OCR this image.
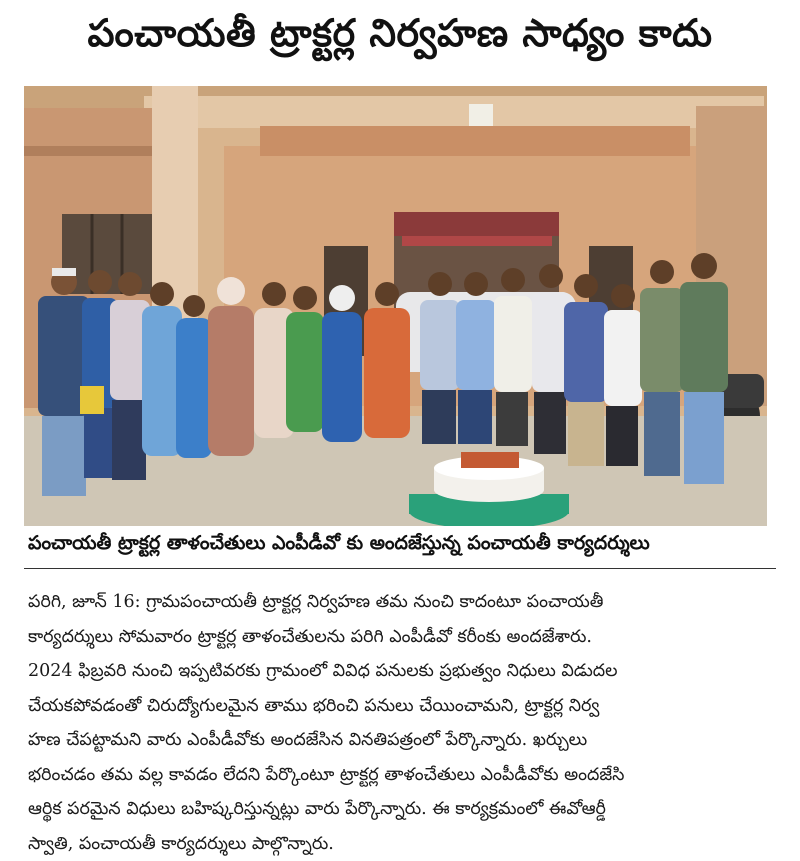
పంచాయతీ ట్రాక్టర్ల నిర్వహణ సాధ్యం కాదు
పంచాయతీ ట్రాక్టర్ల తాళంచేతులు ఎంపీడీవో కు అందజేస్తున్న పంచాయతీ కార్యదర్శులు
పరిగి, జూన్ 16: గ్రామపంచాయతీ ట్రాక్టర్ల నిర్వహణ తమ నుంచి కాదంటూ పంచాయతీ
కార్యదర్శులు సోమవారం ట్రాక్టర్ల తాళంచేతులను పరిగి ఎంపీడీవో కరీంకు అందజేశారు.
2024 ఫిబ్రవరి నుంచి ఇప్పటివరకు గ్రామంలో వివిధ పనులకు ప్రభుత్వం నిధులు విడుదల
చేయకపోవడంతో చిరుద్యోగులమైన తాము భరించి పనులు చేయించామని, ట్రాక్టర్ల నిర్వ
హణ చేపట్టామని వారు ఎంపీడీవోకు అందజేసిన వినతిపత్రంలో పేర్కొన్నారు. ఖర్చులు
భరించడం తమ వల్ల కావడం లేదని పేర్కొంటూ ట్రాక్టర్ల తాళంచేతులు ఎంపీడీవోకు అందజేసి
ఆర్థిక పరమైన విధులు బహిష్కరిస్తున్నట్లు వారు పేర్కొన్నారు. ఈ కార్యక్రమంలో ఈవోఆర్డీ
స్వాతి, పంచాయతీ కార్యదర్శులు పాల్గొన్నారు.
